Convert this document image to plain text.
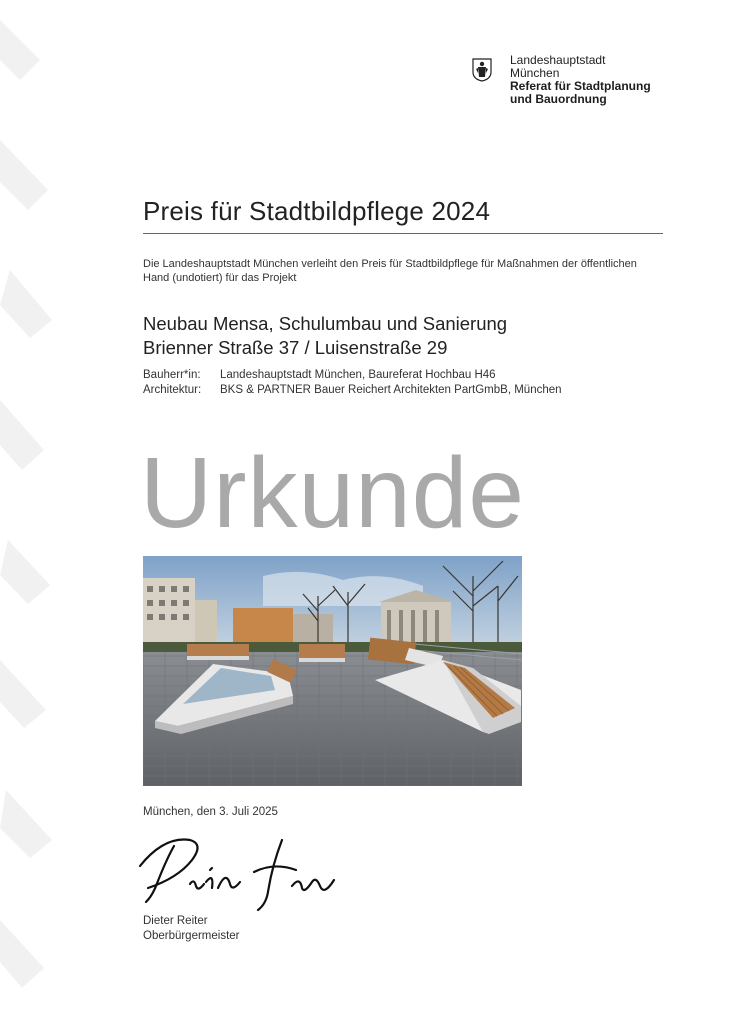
Landeshauptstadt
München
Referat für Stadtplanung
und Bauordnung
Preis für Stadtbildpflege 2024
Die Landeshauptstadt München verleiht den Preis für Stadtbildpflege für Maßnahmen der öffentlichen Hand (undotiert) für das Projekt
Neubau Mensa, Schulumbau und Sanierung
Brienner Straße 37 / Luisenstraße 29
Bauherr*in: Landeshauptstadt München, Baureferat Hochbau H46
Architektur: BKS & PARTNER Bauer Reichert Architekten PartGmbB, München
Urkunde
München, den 3. Juli 2025
Dieter Reiter
Oberbürgermeister
